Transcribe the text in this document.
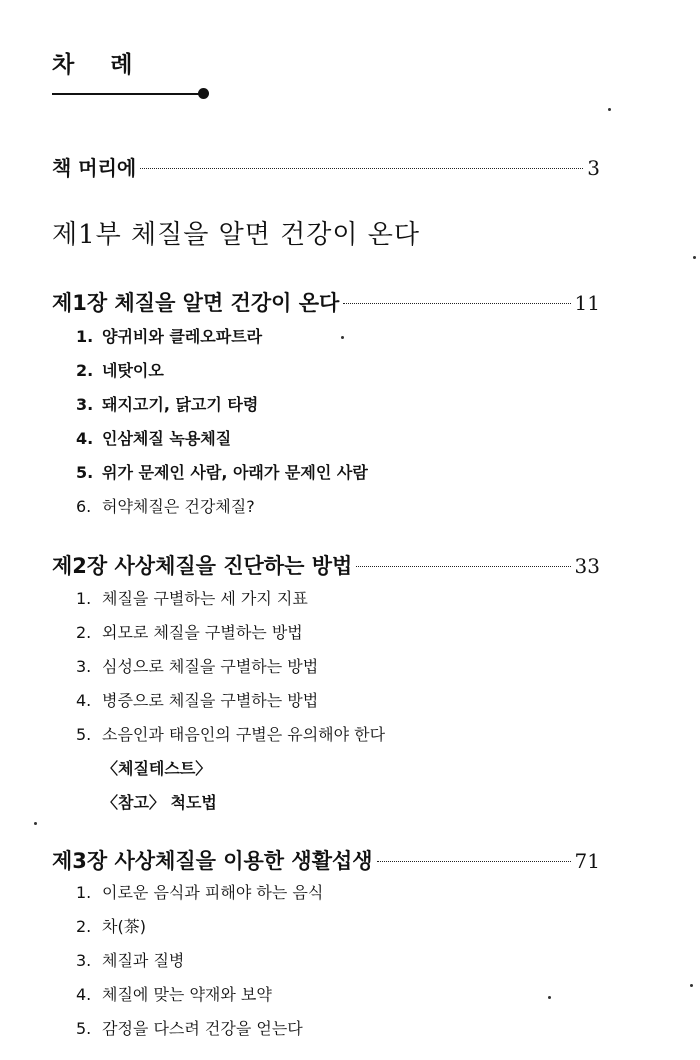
차 례
책 머리에	3
제1부 체질을 알면 건강이 온다
제1장 체질을 알면 건강이 온다	11
1. 양귀비와 클레오파트라
2. 네탓이오
3. 돼지고기, 닭고기 타령
4. 인삼체질 녹용체질
5. 위가 문제인 사람, 아래가 문제인 사람
6. 허약체질은 건강체질?
제2장 사상체질을 진단하는 방법	33
1. 체질을 구별하는 세 가지 지표
2. 외모로 체질을 구별하는 방법
3. 심성으로 체질을 구별하는 방법
4. 병증으로 체질을 구별하는 방법
5. 소음인과 태음인의 구별은 유의해야 한다
〈체질테스트〉
〈참고〉 척도법
제3장 사상체질을 이용한 생활섭생	71
1. 이로운 음식과 피해야 하는 음식
2. 차(茶)
3. 체질과 질병
4. 체질에 맞는 약재와 보약
5. 감정을 다스려 건강을 얻는다
